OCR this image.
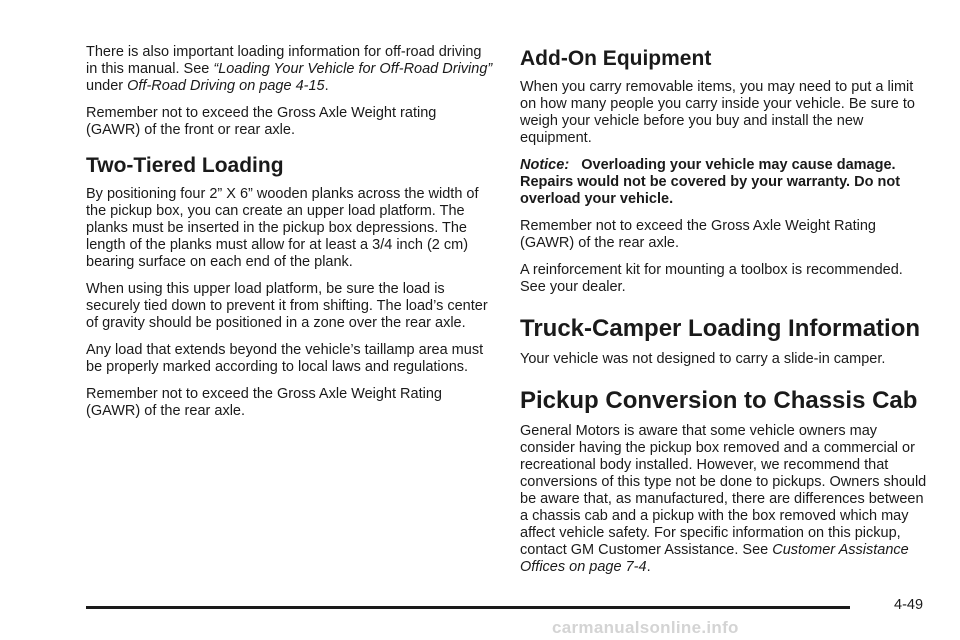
There is also important loading information for off-road driving in this manual. See “Loading Your Vehicle for Off-Road Driving” under Off-Road Driving on page 4-15.

Remember not to exceed the Gross Axle Weight rating (GAWR) of the front or rear axle.

Two-Tiered Loading

By positioning four 2” X 6” wooden planks across the width of the pickup box, you can create an upper load platform. The planks must be inserted in the pickup box depressions. The length of the planks must allow for at least a 3/4 inch (2 cm) bearing surface on each end of the plank.

When using this upper load platform, be sure the load is securely tied down to prevent it from shifting. The load’s center of gravity should be positioned in a zone over the rear axle.

Any load that extends beyond the vehicle’s taillamp area must be properly marked according to local laws and regulations.

Remember not to exceed the Gross Axle Weight Rating (GAWR) of the rear axle.

Add-On Equipment

When you carry removable items, you may need to put a limit on how many people you carry inside your vehicle. Be sure to weigh your vehicle before you buy and install the new equipment.

Notice: Overloading your vehicle may cause damage. Repairs would not be covered by your warranty. Do not overload your vehicle.

Remember not to exceed the Gross Axle Weight Rating (GAWR) of the rear axle.

A reinforcement kit for mounting a toolbox is recommended. See your dealer.

Truck-Camper Loading Information

Your vehicle was not designed to carry a slide-in camper.

Pickup Conversion to Chassis Cab

General Motors is aware that some vehicle owners may consider having the pickup box removed and a commercial or recreational body installed. However, we recommend that conversions of this type not be done to pickups. Owners should be aware that, as manufactured, there are differences between a chassis cab and a pickup with the box removed which may affect vehicle safety. For specific information on this pickup, contact GM Customer Assistance. See Customer Assistance Offices on page 7-4.

4-49
carmanualsonline.info
